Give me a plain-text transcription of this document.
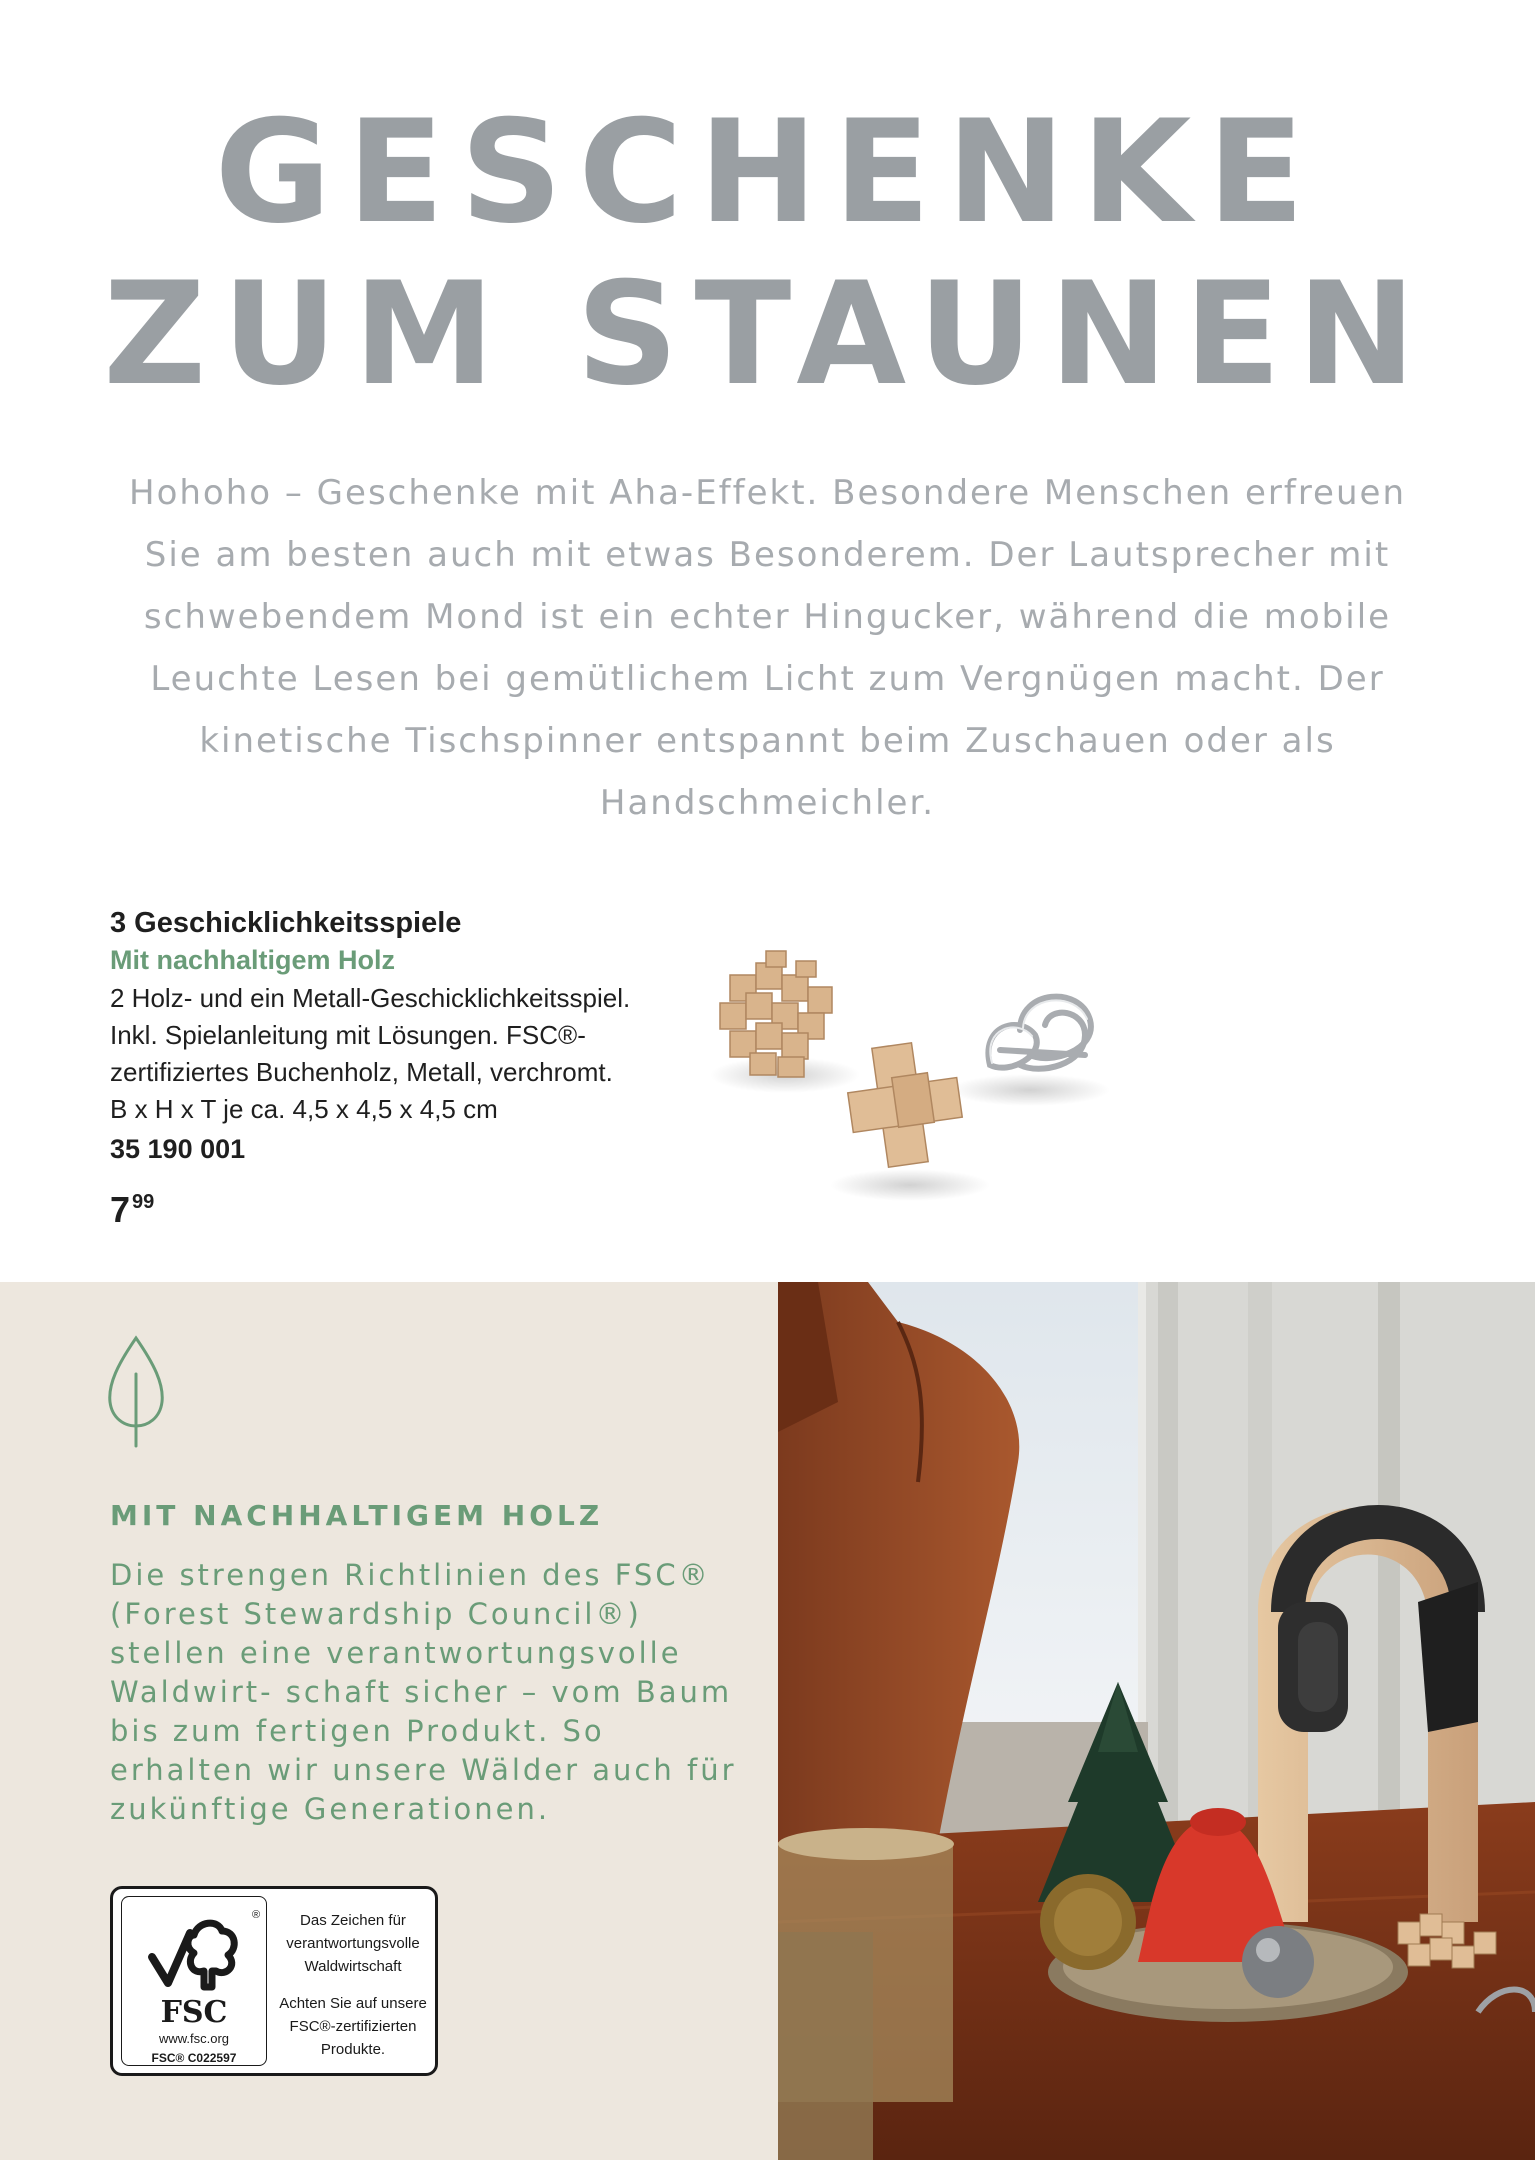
GESCHENKE
ZUM STAUNEN
Hohoho – Geschenke mit Aha-Effekt. Besondere Menschen erfreuen Sie am besten auch mit etwas Besonderem. Der Lautsprecher mit schwebendem Mond ist ein echter Hingucker, während die mobile Leuchte Lesen bei gemütlichem Licht zum Vergnügen macht. Der kinetische Tischspinner entspannt beim Zuschauen oder als Handschmeichler.
3 Geschicklichkeitsspiele
Mit nachhaltigem Holz
2 Holz- und ein Metall-Geschicklichkeitsspiel.
Inkl. Spielanleitung mit Lösungen. FSC®-
zertifiziertes Buchenholz, Metall, verchromt.
B x H x T je ca. 4,5 x 4,5 x 4,5 cm
35 190 001
7 $^{99}$
MIT NACHHALTIGEM HOLZ
Die strengen Richtlinien des FSC® (Forest Stewardship Council®) stellen eine verantwortungsvolle Waldwirt- schaft sicher – vom Baum bis zum fertigen Produkt. So erhalten wir unsere Wälder auch für zukünftige Generationen.
®
FSC
www.fsc.org
FSC® C022597
Das Zeichen für
verantwortungsvolle
Waldwirtschaft
Achten Sie auf unsere
FSC®-zertifizierten
Produkte.
